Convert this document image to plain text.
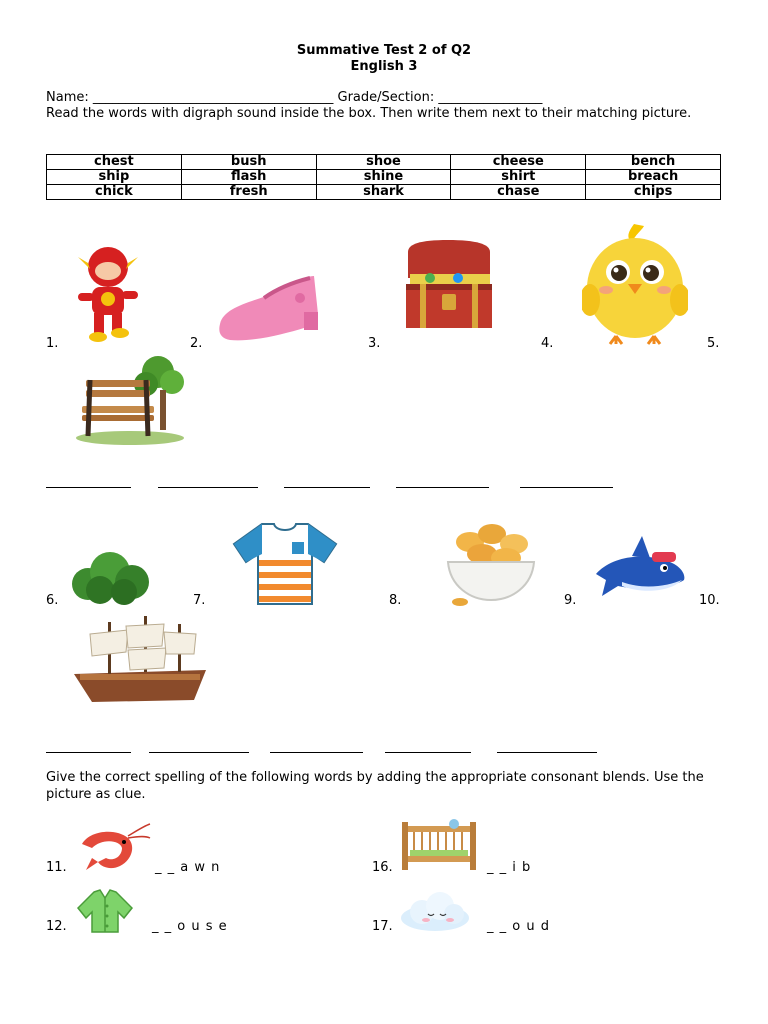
Summative Test 2 of Q2
English 3
Name: _____________________________________ Grade/Section: ________________
Read the words with digraph sound inside the box. Then write them next to their matching picture.
chest	bush	shoe	cheese	bench
ship	flash	shine	shirt	breach
chick	fresh	shark	chase	chips
1.	2.	3.	4.	5.
6.	7.	8.	9.	10.
Give the correct spelling of the following words by adding the appropriate consonant blends. Use the picture as clue.
11.	_ _ a w n	16.	_ _ i b
12.	_ _ o u s e	17.	_ _ o u d
